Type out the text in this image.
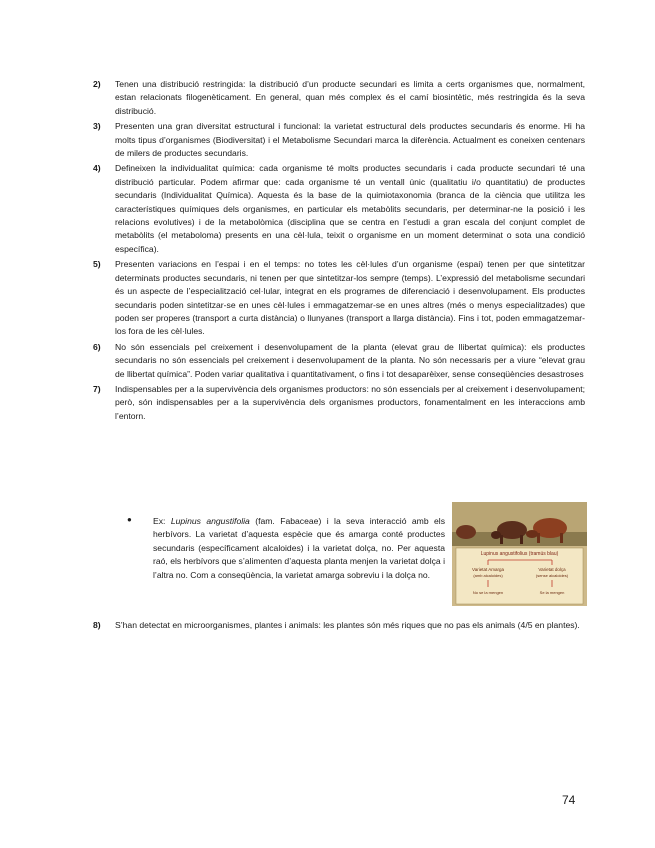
2) Tenen una distribució restringida: la distribució d’un producte secundari es limita a certs organismes que, normalment, estan relacionats filogenèticament. En general, quan més complex és el camí biosintètic, més restringida és la seva distribució.
3) Presenten una gran diversitat estructural i funcional: la varietat estructural dels productes secundaris és enorme. Hi ha molts tipus d’organismes (Biodiversitat) i el Metabolisme Secundari marca la diferència. Actualment es coneixen centenars de milers de productes secundaris.
4) Defineixen la individualitat química: cada organisme té molts productes secundaris i cada producte secundari té una distribució particular. Podem afirmar que: cada organisme té un ventall únic (qualitatiu i/o quantitatiu) de productes secundaris (Individualitat Química). Aquesta és la base de la quimiotaxonomia (branca de la ciència que utilitza les característiques químiques dels organismes, en particular els metabòlits secundaris, per determinar-ne la posició i les relacions evolutives) i de la metabolòmica (disciplina que se centra en l’estudi a gran escala del conjunt complet de metabòlits (el metaboloma) presents en una cèl·lula, teixit o organisme en un moment determinat o sota una condició específica).
5) Presenten variacions en l’espai i en el temps: no totes les cèl·lules d’un organisme (espai) tenen per que sintetitzar determinats productes secundaris, ni tenen per que sintetitzar-los sempre (temps). L’expressió del metabolisme secundari és un aspecte de l’especialització cel·lular, integrat en els programes de diferenciació i desenvolupament. Els productes secundaris poden sintetitzar-se en unes cèl·lules i emmagatzemar-se en unes altres (més o menys especialitzades) que poden ser properes (transport a curta distància) o llunyanes (transport a llarga distància). Fins i tot, poden emmagatzemar-los fora de les cèl·lules.
6) No són essencials pel creixement i desenvolupament de la planta (elevat grau de llibertat química): els productes secundaris no són essencials pel creixement i desenvolupament de la planta. No són necessaris per a viure “elevat grau de llibertat química”. Poden variar qualitativa i quantitativament, o fins i tot desaparèixer, sense conseqüències desastroses
7) Indispensables per a la supervivència dels organismes productors: no són essencials per al creixement i desenvolupament; però, són indispensables per a la supervivència dels organismes productors, fonamentalment en les interaccions amb l’entorn.
●	Ex: Lupinus angustifolia (fam. Fabaceae) i la seva interacció amb els herbívors. La varietat d’aquesta espècie que és amarga conté productes secundaris (específicament alcaloides) i la varietat dolça, no. Per aquesta raó, els herbívors que s’alimenten d’aquesta planta menjen la varietat dolça i l’altra no. Com a conseqüència, la varietat amarga sobreviu i la dolça no.
Lupinus angustifolius (tramús blau)
Varietat Amarga
(amb alcaloides)
Varietat dolça
(sense alcaloides)
No se la mengen	Se la mengen
8) S’han detectat en microorganismes, plantes i animals: les plantes són més riques que no pas els animals (4/5 en plantes).
74
